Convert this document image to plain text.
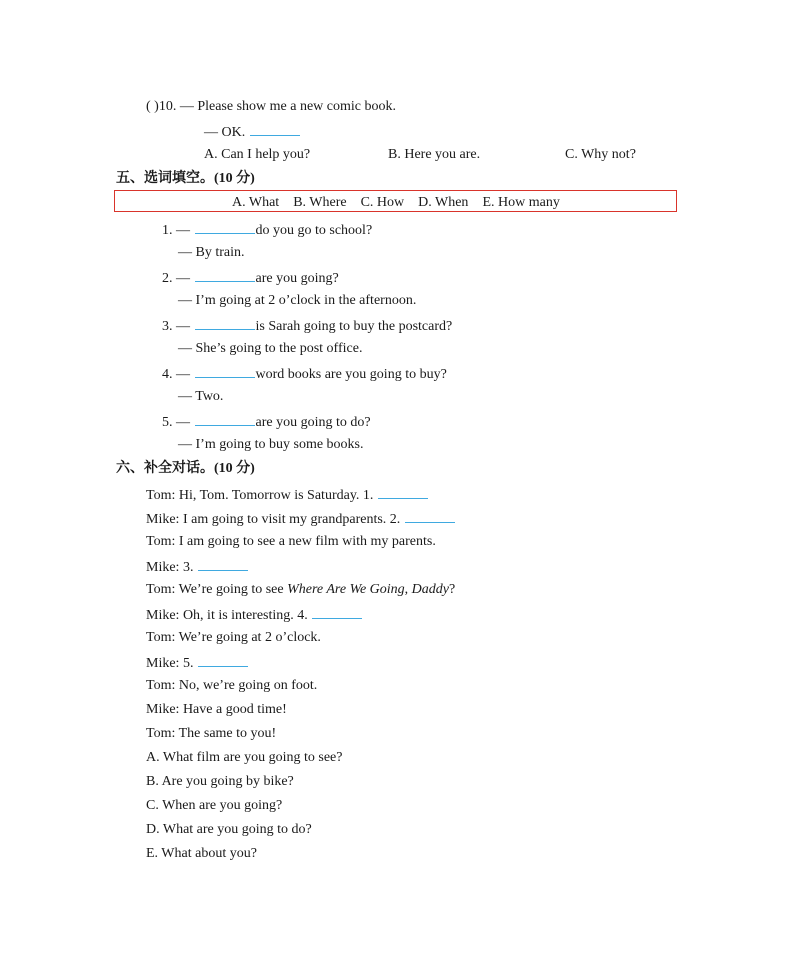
( )10. — Please show me a new comic book.
— OK.
A. Can I help you?	B. Here you are.	C. Why not?
五、选词填空。(10 分)
A. What B. Where C. How D. When E. How many
1. —	do you go to school?
— By train.
2. —	are you going?
— I’m going at 2 o’clock in the afternoon.
3. —	is Sarah going to buy the postcard?
— She’s going to the post office.
4. —	word books are you going to buy?
— Two.
5. —	are you going to do?
— I’m going to buy some books.
六、补全对话。(10 分)
Tom: Hi, Tom. Tomorrow is Saturday. 1.
Mike: I am going to visit my grandparents. 2.
Tom: I am going to see a new film with my parents.
Mike: 3.
Tom: We’re going to see Where Are We Going, Daddy?
Mike: Oh, it is interesting. 4.
Tom: We’re going at 2 o’clock.
Mike: 5.
Tom: No, we’re going on foot.
Mike: Have a good time!
Tom: The same to you!
A. What film are you going to see?
B. Are you going by bike?
C. When are you going?
D. What are you going to do?
E. What about you?
